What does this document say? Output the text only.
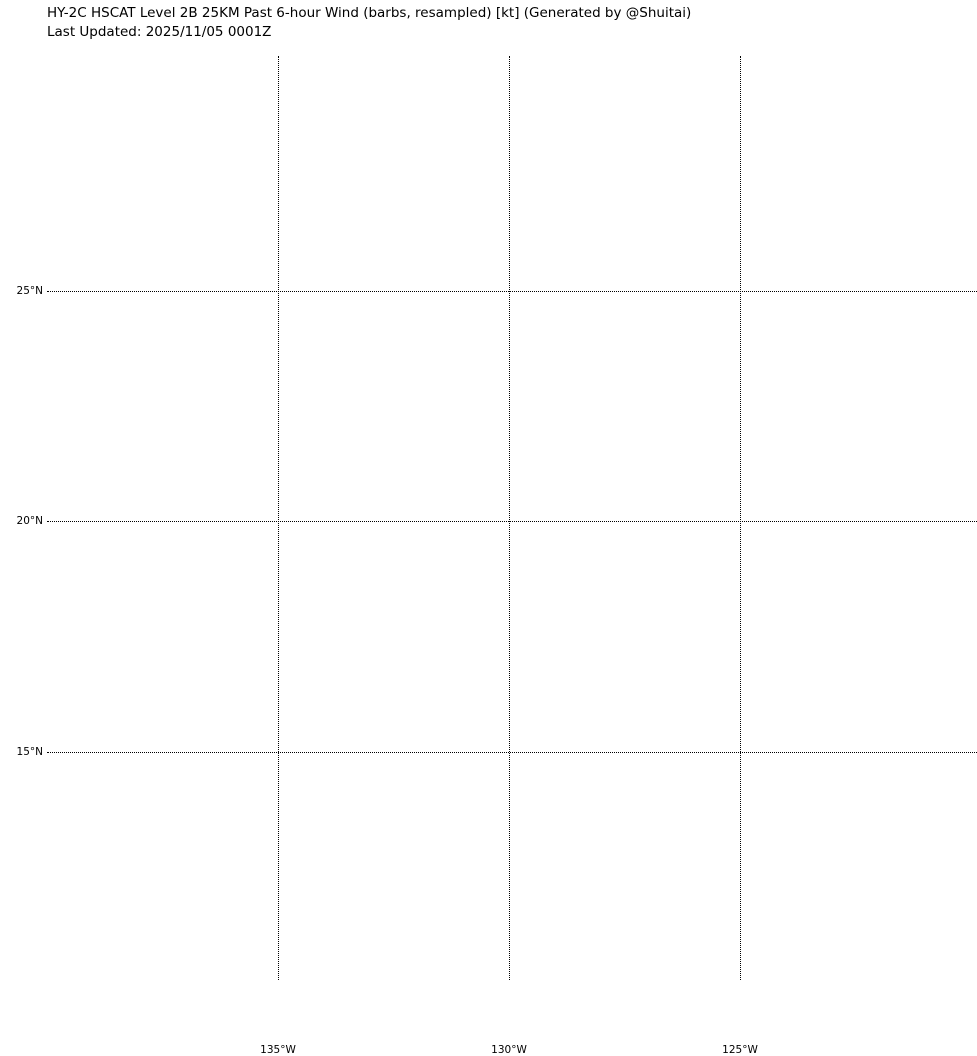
HY-2C HSCAT Level 2B 25KM Past 6-hour Wind (barbs, resampled) [kt] (Generated by @Shuitai)
Last Updated: 2025/11/05 0001Z
25°N
20°N
15°N
135°W	130°W	125°W
